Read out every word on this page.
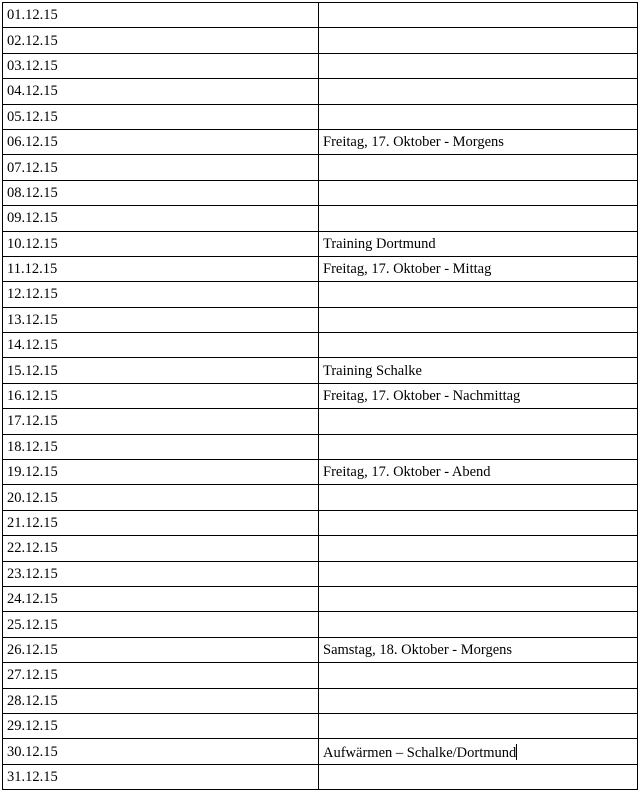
01.12.15	
02.12.15	
03.12.15	
04.12.15	
05.12.15	
06.12.15	Freitag, 17. Oktober - Morgens
07.12.15	
08.12.15	
09.12.15	
10.12.15	Training Dortmund
11.12.15	Freitag, 17. Oktober - Mittag
12.12.15	
13.12.15	
14.12.15	
15.12.15	Training Schalke
16.12.15	Freitag, 17. Oktober - Nachmittag
17.12.15	
18.12.15	
19.12.15	Freitag, 17. Oktober - Abend
20.12.15	
21.12.15	
22.12.15	
23.12.15	
24.12.15	
25.12.15	
26.12.15	Samstag, 18. Oktober - Morgens
27.12.15	
28.12.15	
29.12.15	
30.12.15	Aufwärmen – Schalke/Dortmund
31.12.15	
